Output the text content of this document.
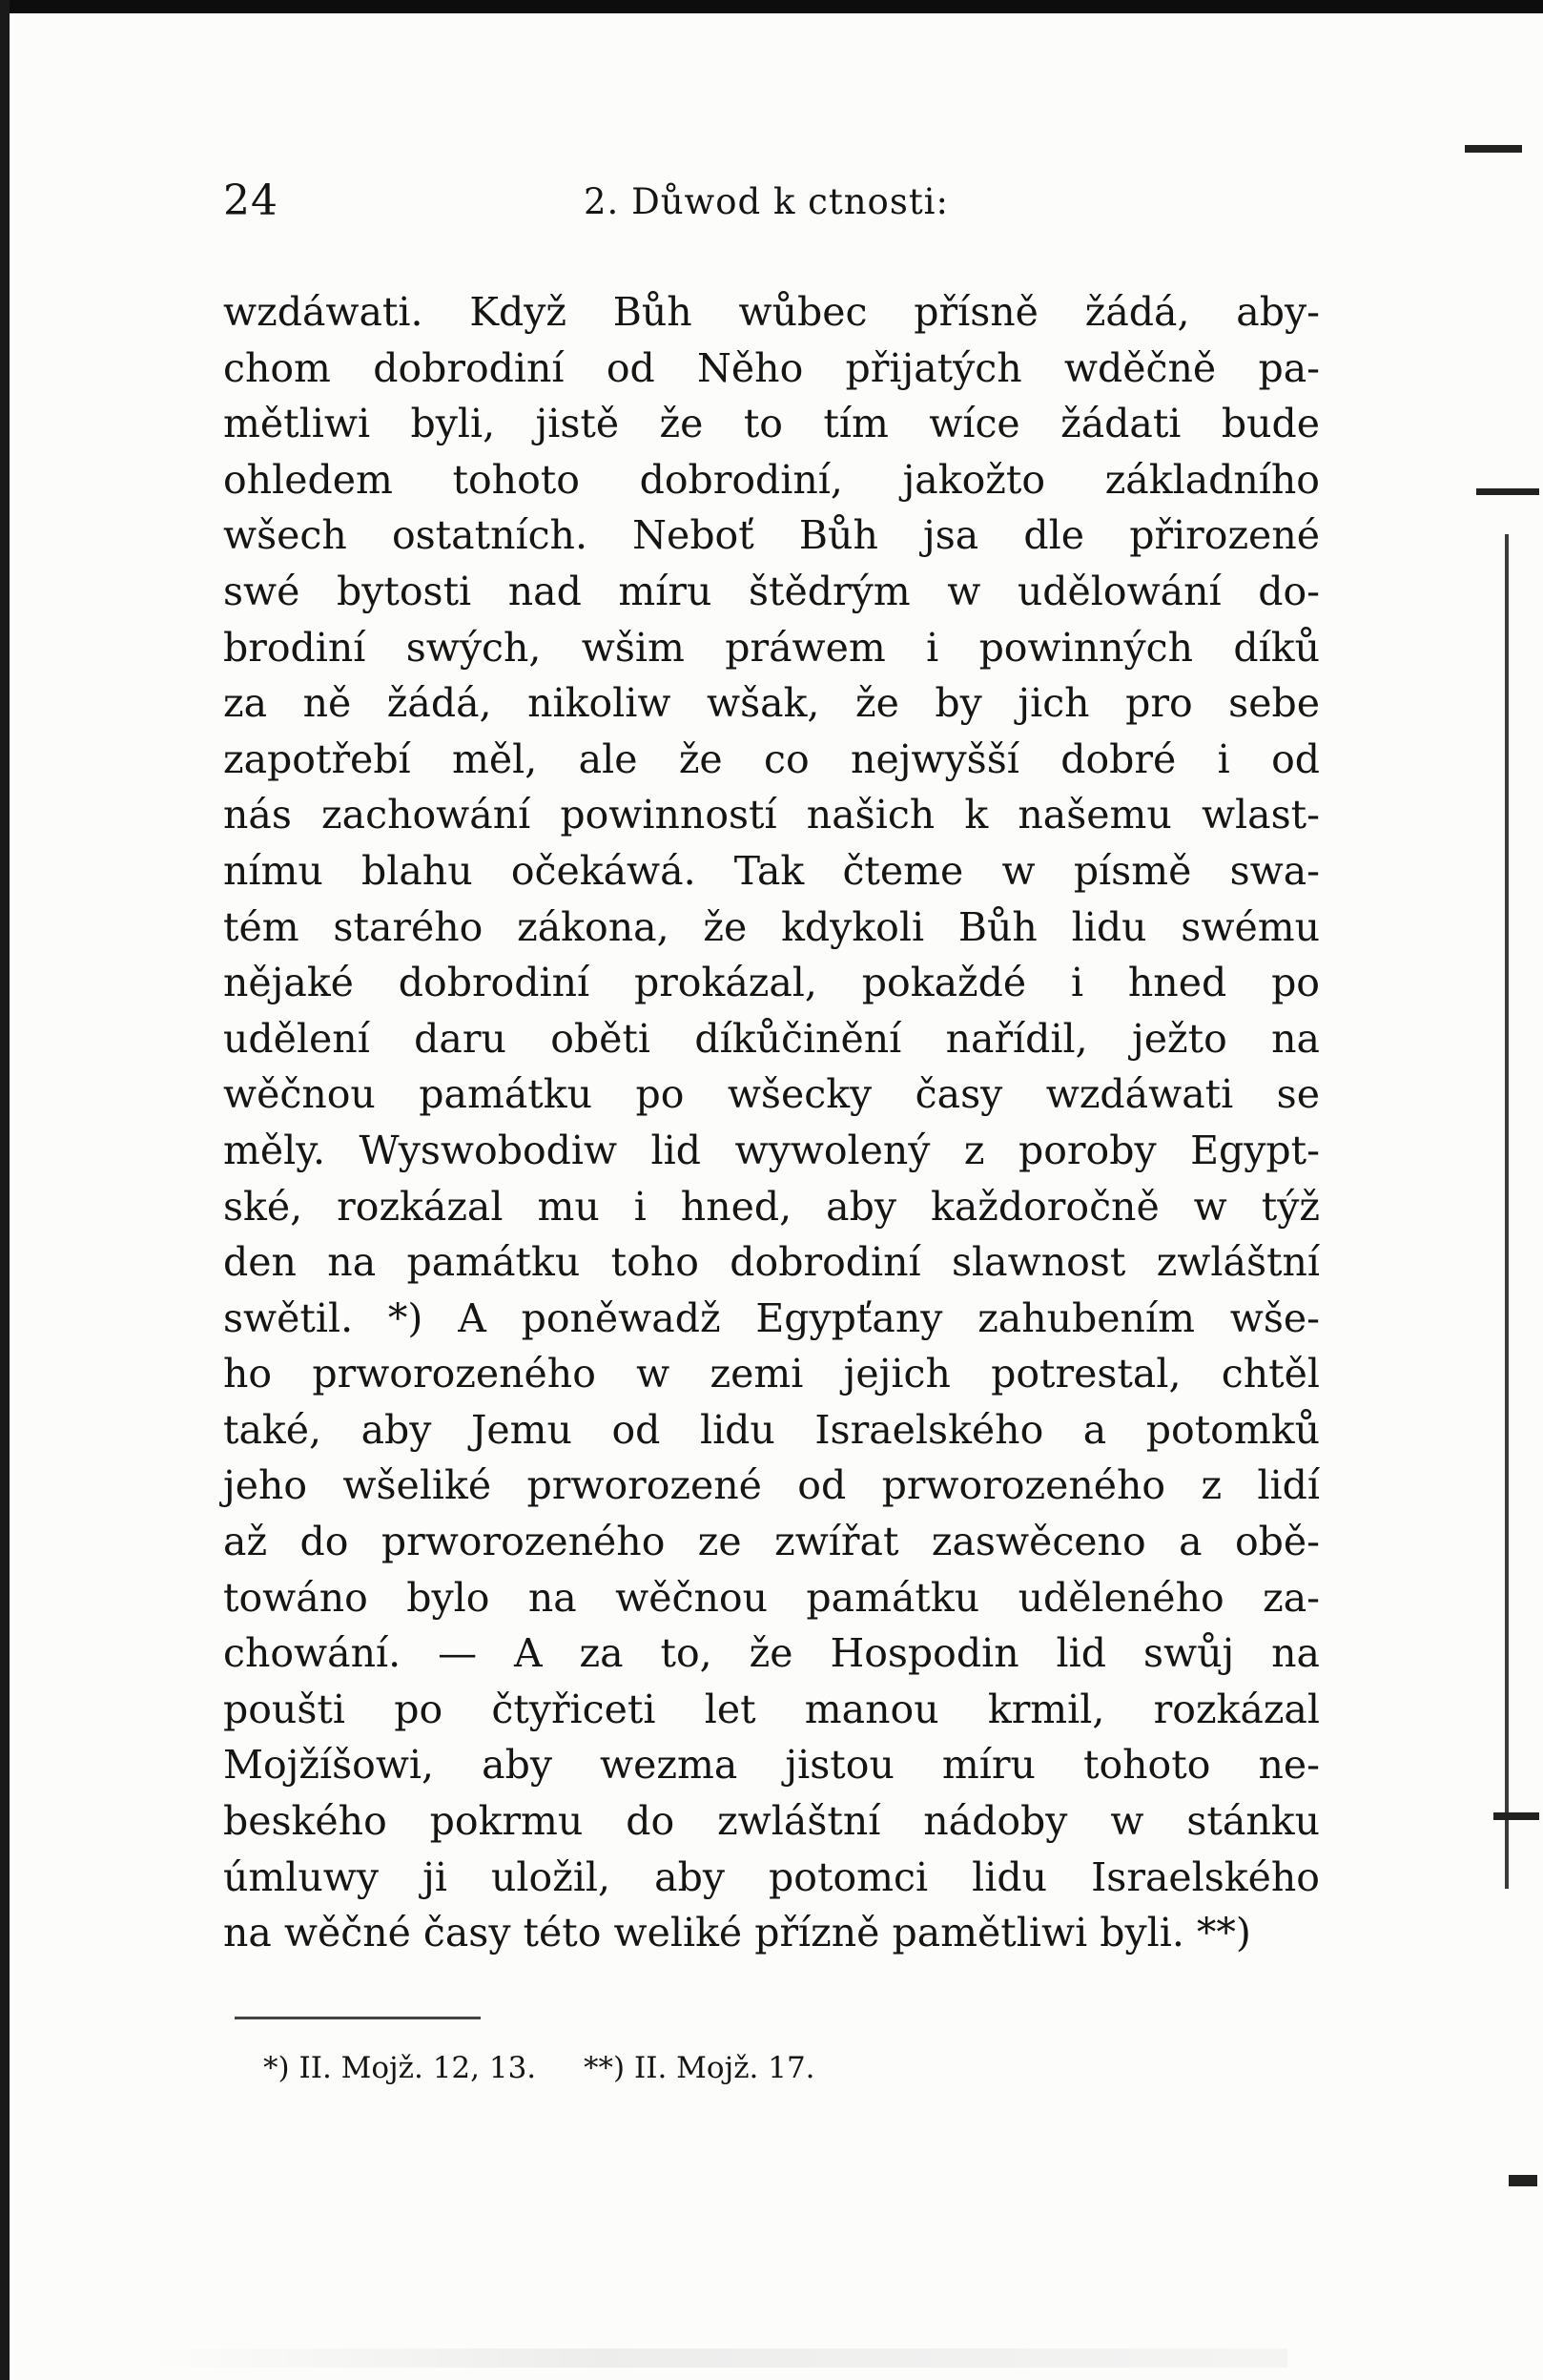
24	2. Důwod k ctnosti:
wzdáwati. Když Bůh wůbec přísně žádá, aby-
chom dobrodiní od Něho přijatých wděčně pa-
mětliwi byli, jistě že to tím wíce žádati bude
ohledem tohoto dobrodiní, jakožto základního
wšech ostatních. Neboť Bůh jsa dle přirozené
swé bytosti nad míru štědrým w udělowání do-
brodiní swých, wšim práwem i powinných díků
za ně žádá, nikoliw wšak, že by jich pro sebe
zapotřebí měl, ale že co nejwyšší dobré i od
nás zachowání powinností našich k našemu wlast-
nímu blahu očekáwá. Tak čteme w písmě swa-
tém starého zákona, že kdykoli Bůh lidu swému
nějaké dobrodiní prokázal, pokaždé i hned po
udělení daru oběti díkůčinění nařídil, ježto na
wěčnou památku po wšecky časy wzdáwati se
měly. Wyswobodiw lid wywolený z poroby Egypt-
ské, rozkázal mu i hned, aby každoročně w týž
den na památku toho dobrodiní slawnost zwláštní
swětil. *) A poněwadž Egypťany zahubením wše-
ho prworozeného w zemi jejich potrestal, chtěl
také, aby Jemu od lidu Israelského a potomků
jeho wšeliké prworozené od prworozeného z lidí
až do prworozeného ze zwířat zaswěceno a obě-
towáno bylo na wěčnou památku uděleného za-
chowání. — A za to, že Hospodin lid swůj na
poušti po čtyřiceti let manou krmil, rozkázal
Mojžíšowi, aby wezma jistou míru tohoto ne-
beského pokrmu do zwláštní nádoby w stánku
úmluwy ji uložil, aby potomci lidu Israelského
na wěčné časy této weliké přízně pamětliwi byli. **)
*) II. Mojž. 12, 13. **) II. Mojž. 17.
